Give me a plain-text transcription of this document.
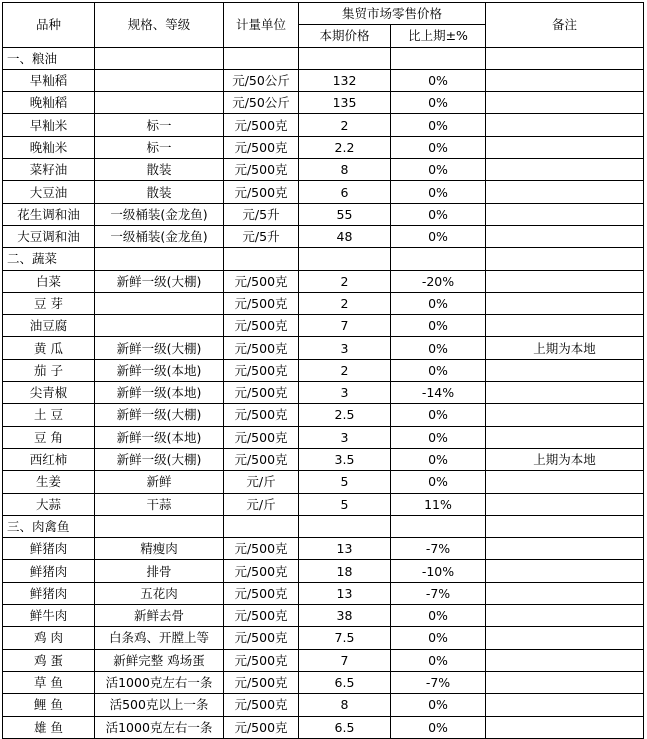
品种	规格、等级	计量单位	集贸市场零售价格		备注
			本期价格	比上期±%	
一、粮油					
早籼稻		元/50公斤	132	0%	
晚籼稻		元/50公斤	135	0%	
早籼米	标一	元/500克	2	0%	
晚籼米	标一	元/500克	2.2	0%	
菜籽油	散装	元/500克	8	0%	
大豆油	散装	元/500克	6	0%	
花生调和油	一级桶装(金龙鱼)	元/5升	55	0%	
大豆调和油	一级桶装(金龙鱼)	元/5升	48	0%	
二、蔬菜					
白菜	新鲜一级(大棚)	元/500克	2	-20%	
豆 芽		元/500克	2	0%	
油豆腐		元/500克	7	0%	
黄 瓜	新鲜一级(大棚)	元/500克	3	0%	上期为本地
茄 子	新鲜一级(本地)	元/500克	2	0%	
尖青椒	新鲜一级(本地)	元/500克	3	-14%	
土 豆	新鲜一级(大棚)	元/500克	2.5	0%	
豆 角	新鲜一级(本地)	元/500克	3	0%	
西红柿	新鲜一级(大棚)	元/500克	3.5	0%	上期为本地
生姜	新鲜	元/斤	5	0%	
大蒜	干蒜	元/斤	5	11%	
三、肉禽鱼					
鲜猪肉	精瘦肉	元/500克	13	-7%	
鲜猪肉	排骨	元/500克	18	-10%	
鲜猪肉	五花肉	元/500克	13	-7%	
鲜牛肉	新鲜去骨	元/500克	38	0%	
鸡 肉	白条鸡、开膛上等	元/500克	7.5	0%	
鸡 蛋	新鲜完整 鸡场蛋	元/500克	7	0%	
草 鱼	活1000克左右一条	元/500克	6.5	-7%	
鲤 鱼	活500克以上一条	元/500克	8	0%	
雄 鱼	活1000克左右一条	元/500克	6.5	0%	
